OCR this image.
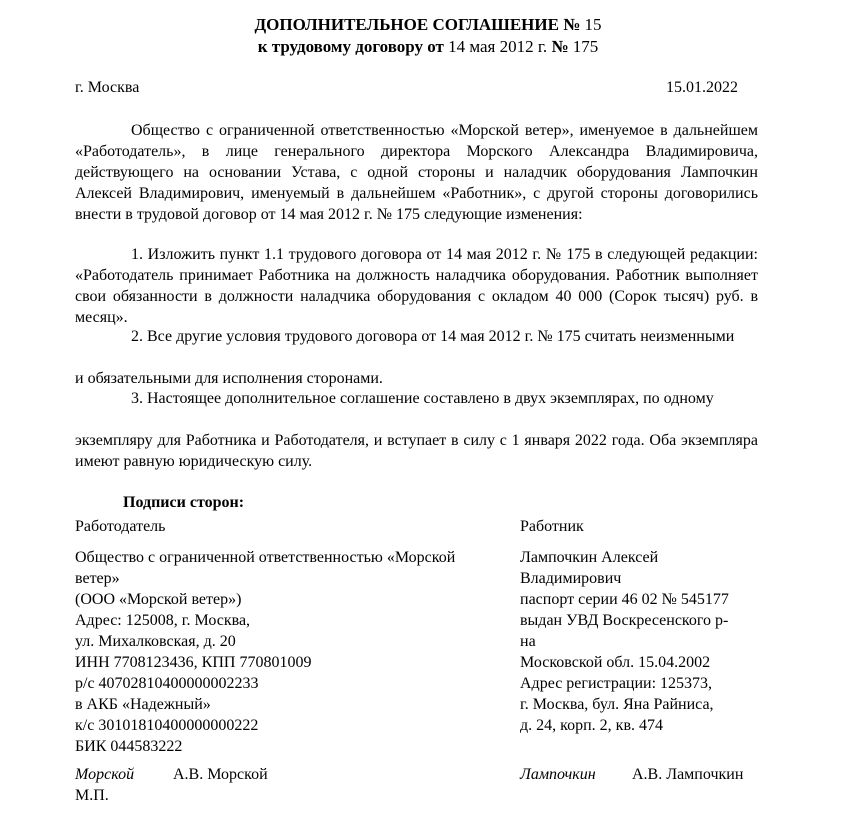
ДОПОЛНИТЕЛЬНОЕ СОГЛАШЕНИЕ № 15
к трудовому договору от 14 мая 2012 г. № 175
г. Москва	15.01.2022

Общество с ограниченной ответственностью «Морской ветер», именуемое в дальнейшем «Работодатель», в лице генерального директора Морского Александра Владимировича, действующего на основании Устава, с одной стороны и наладчик оборудования Лампочкин Алексей Владимирович, именуемый в дальнейшем «Работник», с другой стороны договорились внести в трудовой договор от 14 мая 2012 г. № 175 следующие изменения:

1. Изложить пункт 1.1 трудового договора от 14 мая 2012 г. № 175 в следующей редакции: «Работодатель принимает Работника на должность наладчика оборудования. Работник выполняет свои обязанности в должности наладчика оборудования с окладом 40 000 (Сорок тысяч) руб. в месяц».

2. Все другие условия трудового договора от 14 мая 2012 г. № 175 считать неизменными
и обязательными для исполнения сторонами.
3. Настоящее дополнительное соглашение составлено в двух экземплярах, по одному

экземпляру для Работника и Работодателя, и вступает в силу с 1 января 2022 года. Оба экземпляра имеют равную юридическую силу.

Подписи сторон:
Работодатель
Общество с ограниченной ответственностью «Морской
ветер»
(ООО «Морской ветер»)
Адрес: 125008, г. Москва,
ул. Михалковская, д. 20
ИНН 7708123436, КПП 770801009
р/с 40702810400000002233
в АКБ «Надежный»
к/с 30101810400000000222
БИК 044583222
Работник
Лампочкин Алексей
Владимирович
паспорт серии 46 02 № 545177
выдан УВД Воскресенского р-
на
Московской обл. 15.04.2002
Адрес регистрации: 125373,
г. Москва, бул. Яна Райниса,
д. 24, корп. 2, кв. 474
Морской А.В. Морской
М.П.
Лампочкин А.В. Лампочкин
